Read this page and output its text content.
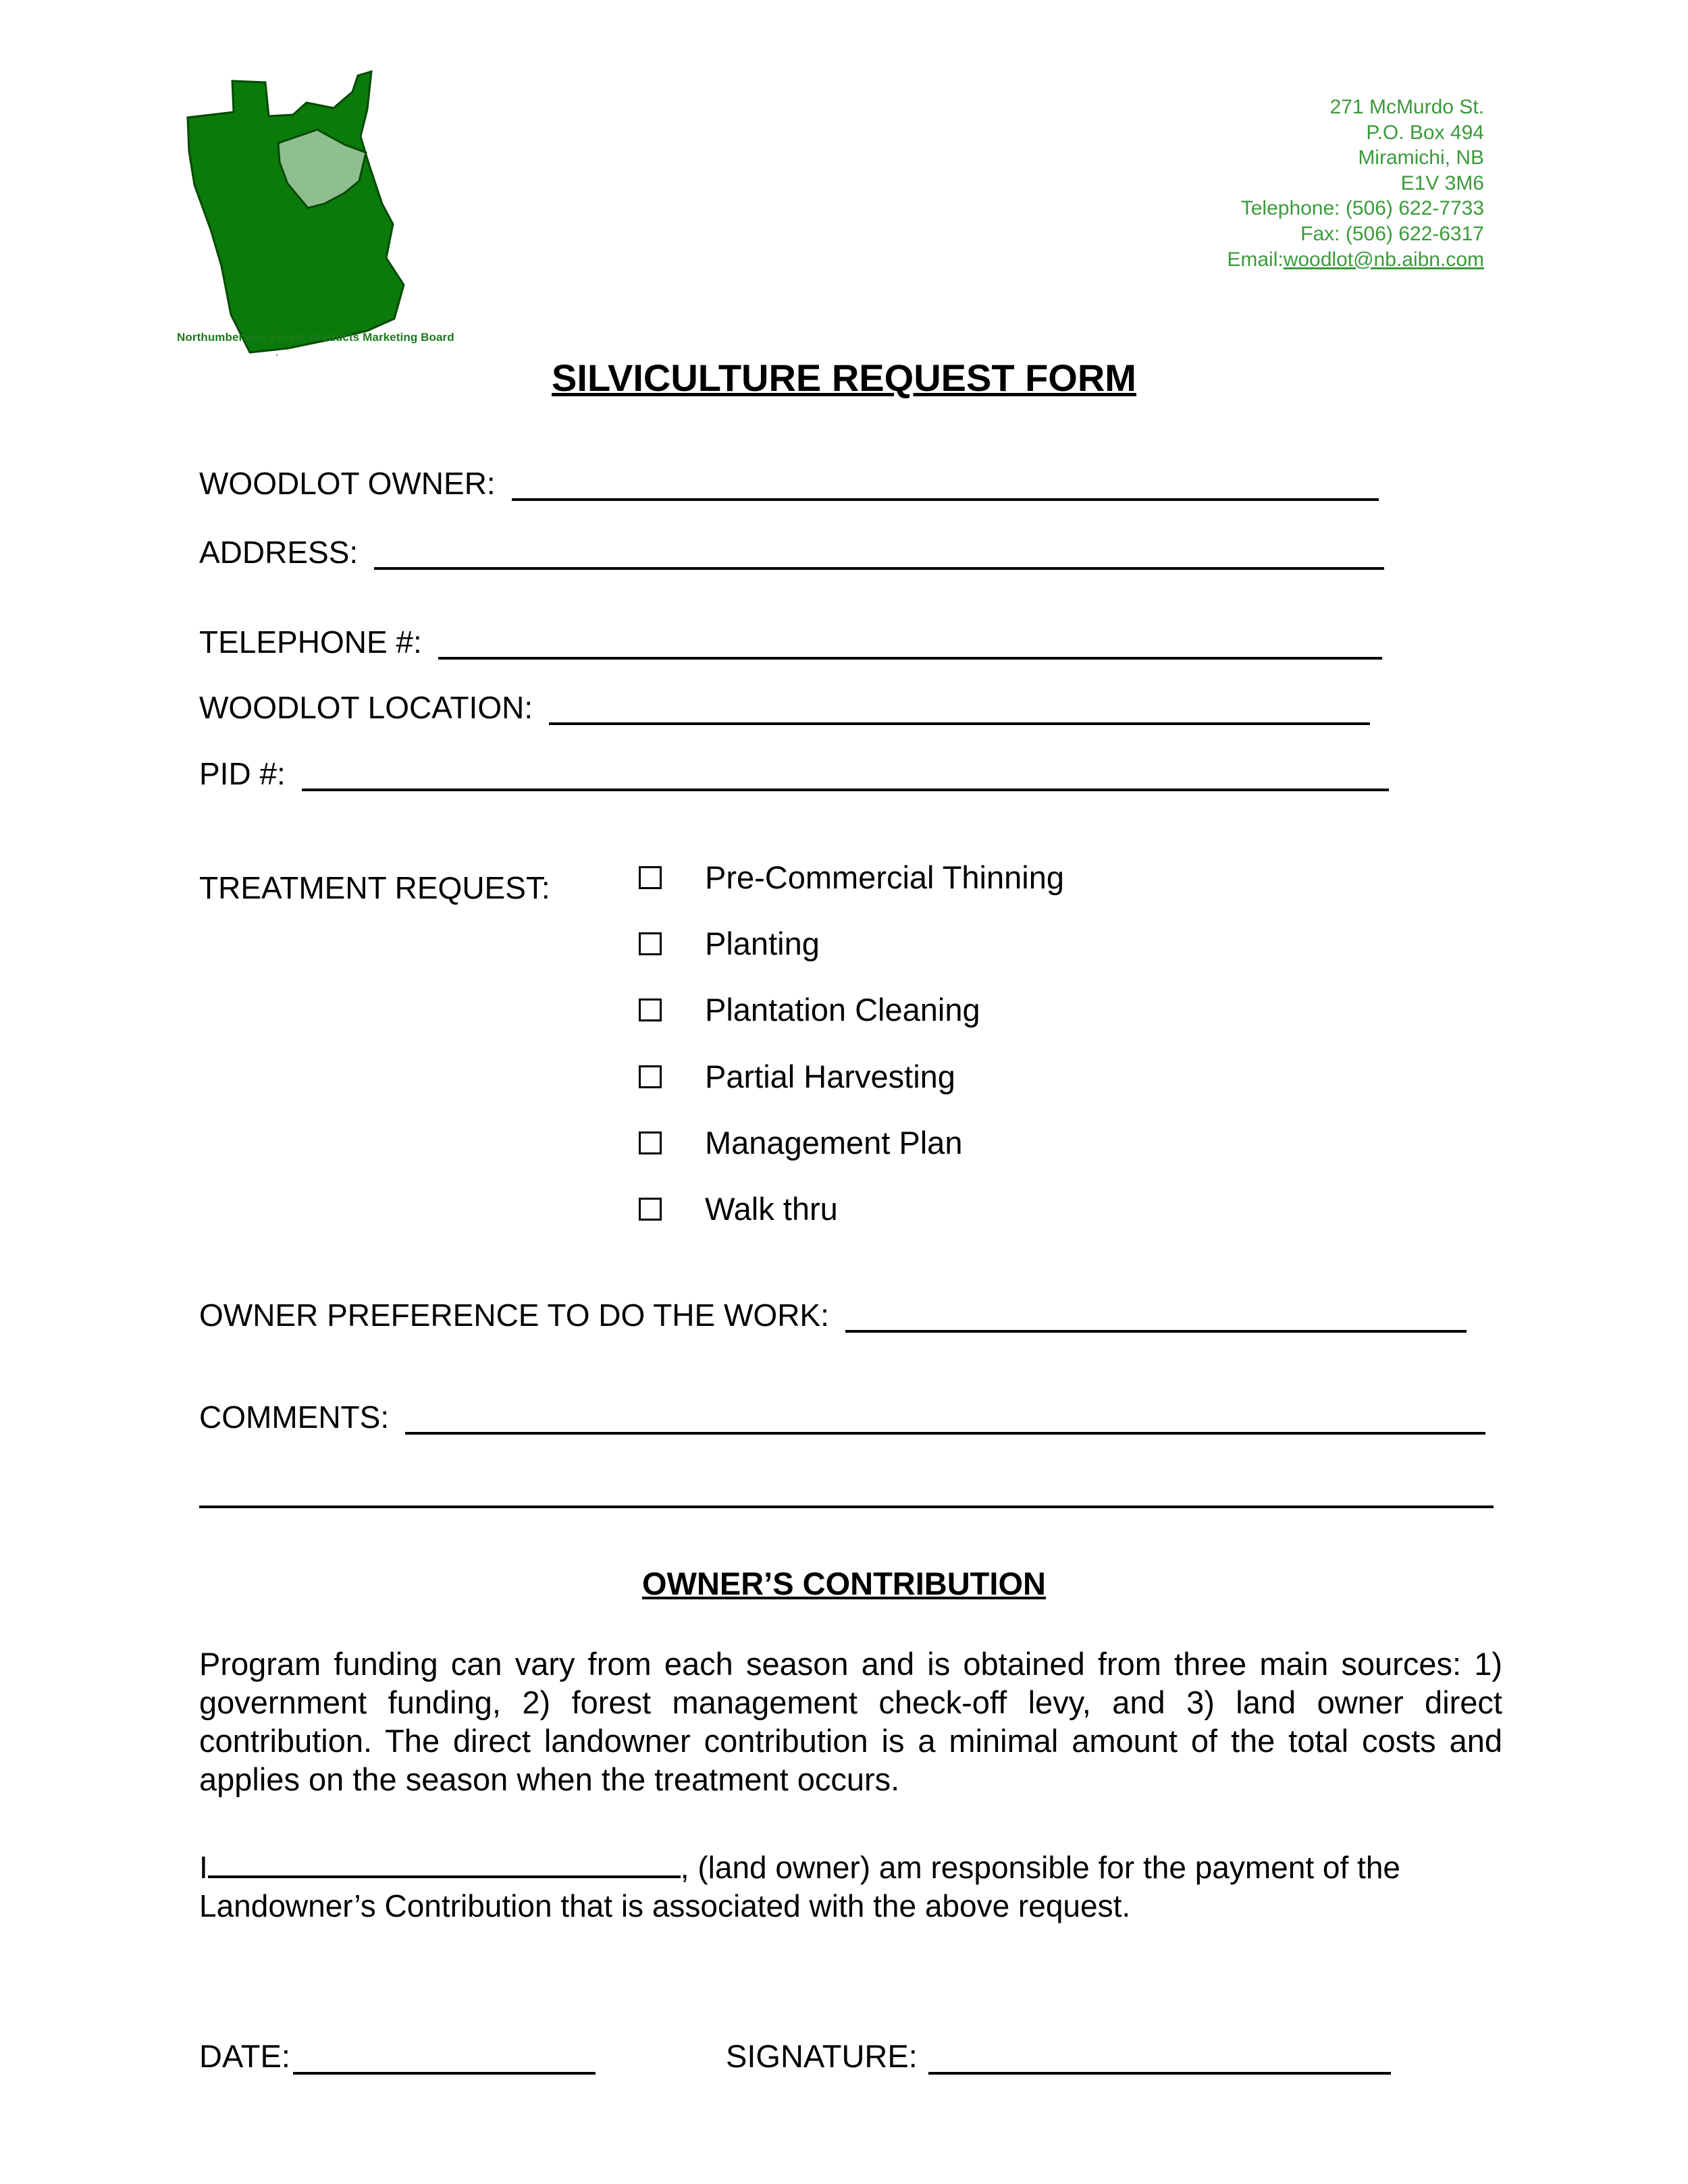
Northumberland Forest Products Marketing Board
`
271 McMurdo St.
P.O. Box 494
Miramichi, NB
E1V 3M6
Telephone: (506) 622-7733
Fax: (506) 622-6317
Email:woodlot@nb.aibn.com
SILVICULTURE REQUEST FORM
WOODLOT OWNER:
ADDRESS:
TELEPHONE #:
WOODLOT LOCATION:
PID #:
TREATMENT REQUEST:	Pre-Commercial Thinning
Planting
Plantation Cleaning
Partial Harvesting
Management Plan
Walk thru
OWNER PREFERENCE TO DO THE WORK:
COMMENTS:
OWNER’S CONTRIBUTION
Program funding can vary from each season and is obtained from three main sources: 1) government funding, 2) forest management check-off levy, and 3) land owner direct contribution. The direct landowner contribution is a minimal amount of the total costs and applies on the season when the treatment occurs.
I	, (land owner) am responsible for the payment of the Landowner’s Contribution that is associated with the above request.
DATE:	SIGNATURE:
